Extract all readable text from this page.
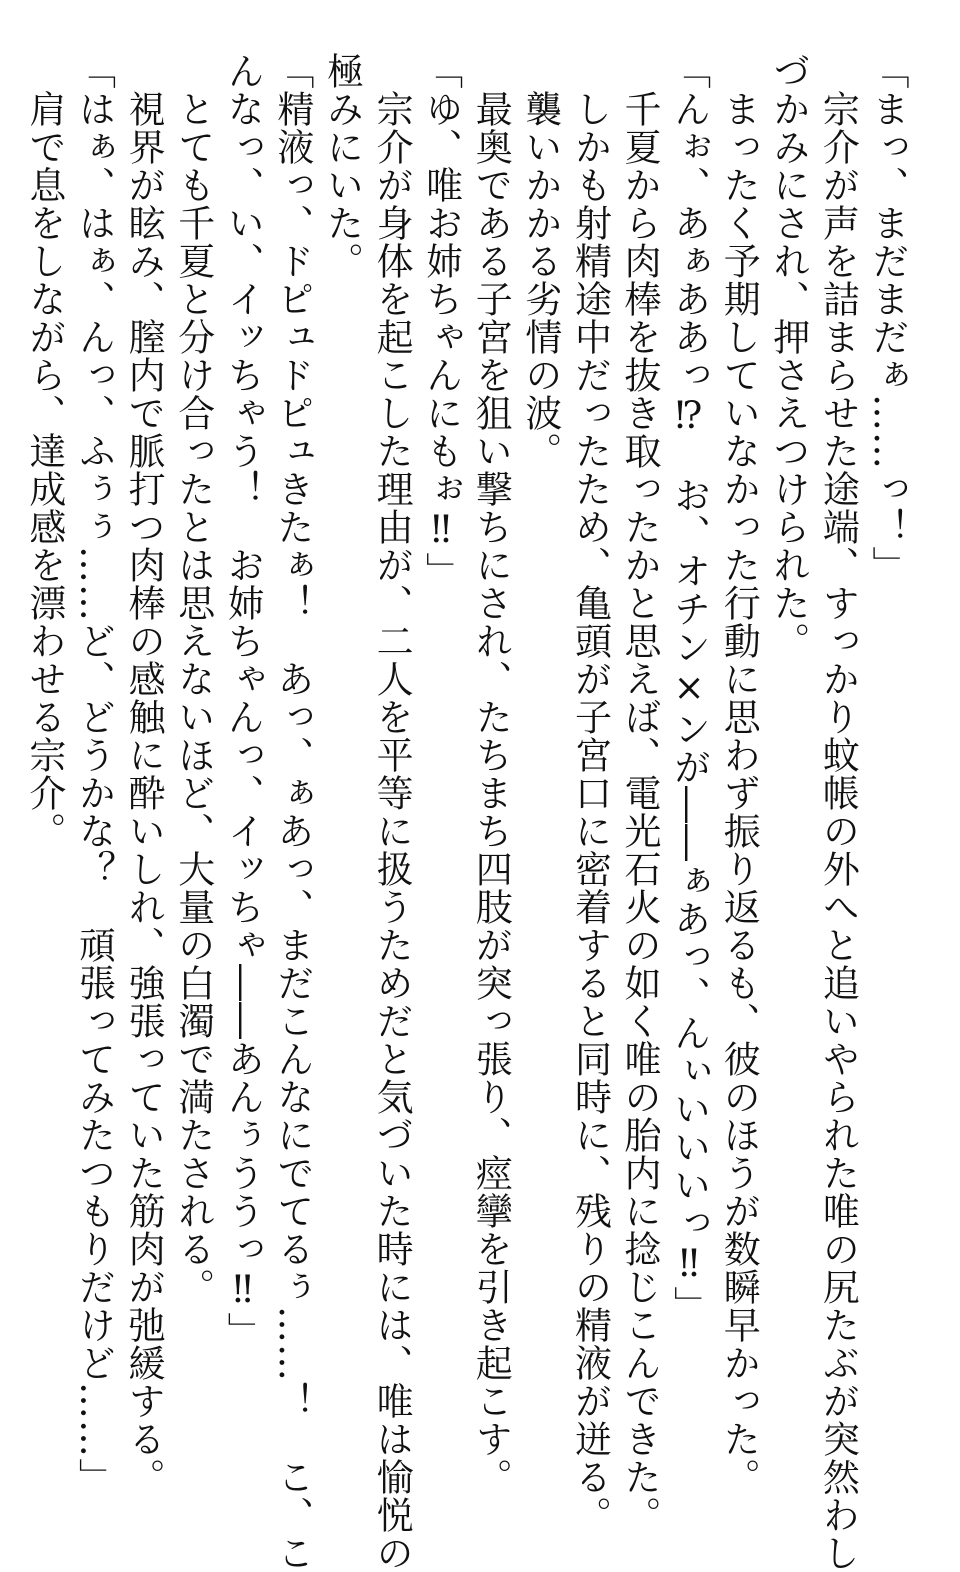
「まっ、まだまだぁ……っ！」
　宗介が声を詰まらせた途端、すっかり蚊帳の外へと追いやられた唯の尻たぶが突然わし
づかみにされ、押さえつけられた。
　まったく予期していなかった行動に思わず振り返るも、彼のほうが数瞬早かった。
「んぉ、あぁああっ⁉　お、オチン×ンが――ぁあっ、んぃいいいっ‼」
　千夏から肉棒を抜き取ったかと思えば、電光石火の如く唯の胎内に捻じこんできた。
　しかも射精途中だったため、亀頭が子宮口に密着すると同時に、残りの精液が迸る。
　襲いかかる劣情の波。
　最奥である子宮を狙い撃ちにされ、たちまち四肢が突っ張り、痙攣を引き起こす。
「ゆ、唯お姉ちゃんにもぉ‼」
　宗介が身体を起こした理由が、二人を平等に扱うためだと気づいた時には、唯は愉悦の
極みにいた。
「精液っ、ドピュドピュきたぁ！　あっ、ぁあっ、まだこんなにでてるぅ……！　こ、こ
んなっ、い、イッちゃう！　お姉ちゃんっ、イッちゃ――あんぅううっ‼」
　とても千夏と分け合ったとは思えないほど、大量の白濁で満たされる。
　視界が眩み、膣内で脈打つ肉棒の感触に酔いしれ、強張っていた筋肉が弛緩する。
「はぁ、はぁ、んっ、ふぅぅ……ど、どうかな？　頑張ってみたつもりだけど……」
　肩で息をしながら、達成感を漂わせる宗介。
